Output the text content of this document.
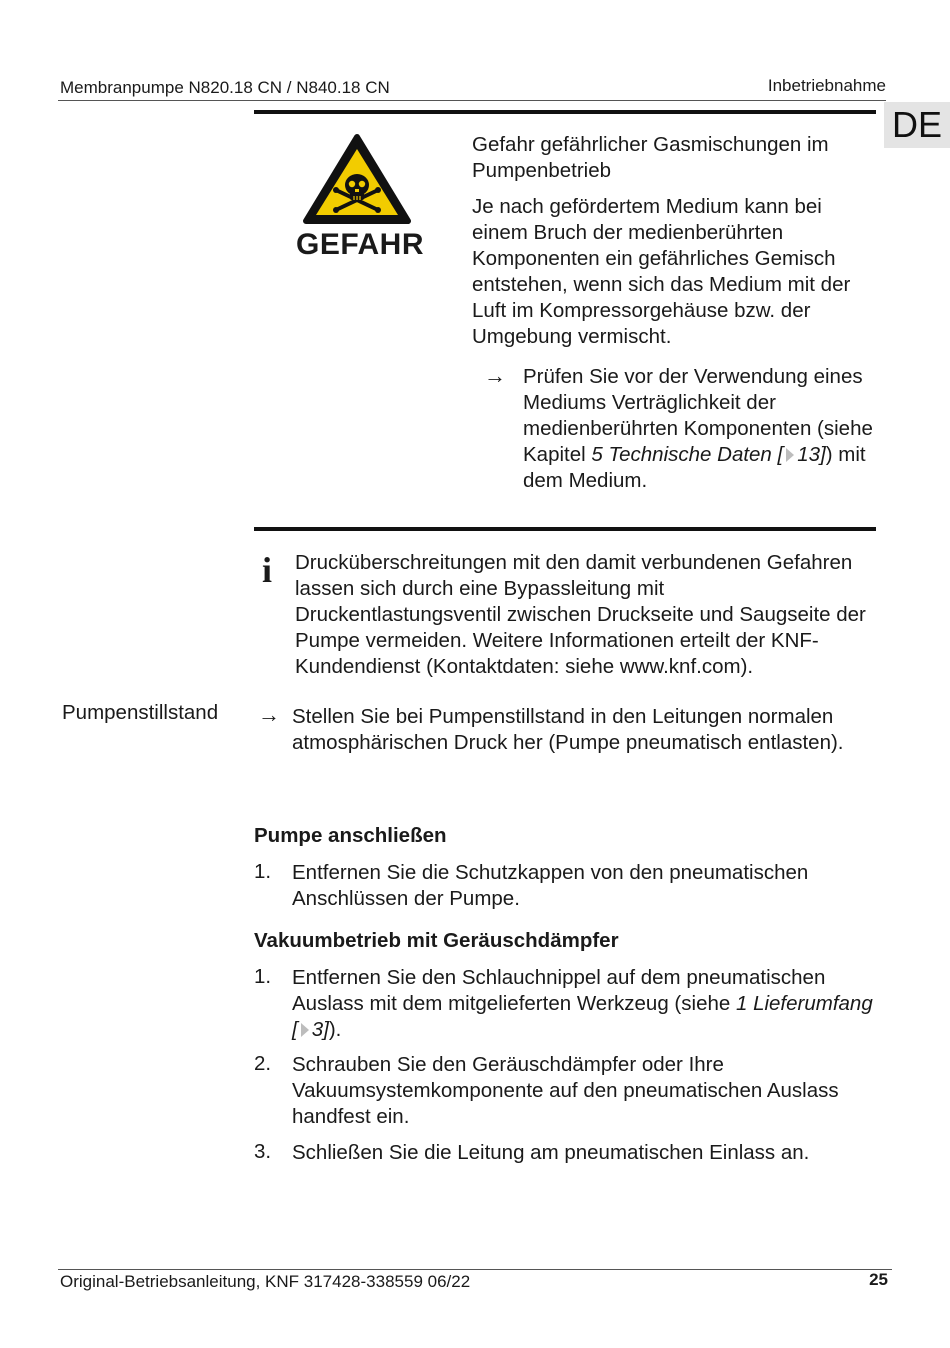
Membranpumpe N820.18 CN / N840.18 CN	Inbetriebnahme
DE
GEFAHR
Gefahr gefährlicher Gasmischungen im Pumpenbetrieb
Je nach gefördertem Medium kann bei einem Bruch der medienberührten Komponenten ein gefährliches Gemisch entstehen, wenn sich das Medium mit der Luft im Kompressorgehäuse bzw. der Umgebung vermischt.
→ Prüfen Sie vor der Verwendung eines Mediums Verträglichkeit der medienberührten Komponenten (siehe Kapitel 5 Technische Daten [ 13]) mit dem Medium.
i Drucküberschreitungen mit den damit verbundenen Gefahren lassen sich durch eine Bypassleitung mit Druckentlastungsventil zwischen Druckseite und Saugseite der Pumpe vermeiden. Weitere Informationen erteilt der KNF-Kundendienst (Kontaktdaten: siehe www.knf.com).
Pumpenstillstand → Stellen Sie bei Pumpenstillstand in den Leitungen normalen atmosphärischen Druck her (Pumpe pneumatisch entlasten).
Pumpe anschließen
1. Entfernen Sie die Schutzkappen von den pneumatischen Anschlüssen der Pumpe.
Vakuumbetrieb mit Geräuschdämpfer
1. Entfernen Sie den Schlauchnippel auf dem pneumatischen Auslass mit dem mitgelieferten Werkzeug (siehe 1 Lieferumfang [ 3]).
2. Schrauben Sie den Geräuschdämpfer oder Ihre Vakuumsystemkomponente auf den pneumatischen Auslass handfest ein.
3. Schließen Sie die Leitung am pneumatischen Einlass an.
Original-Betriebsanleitung, KNF 317428-338559 06/22	25
